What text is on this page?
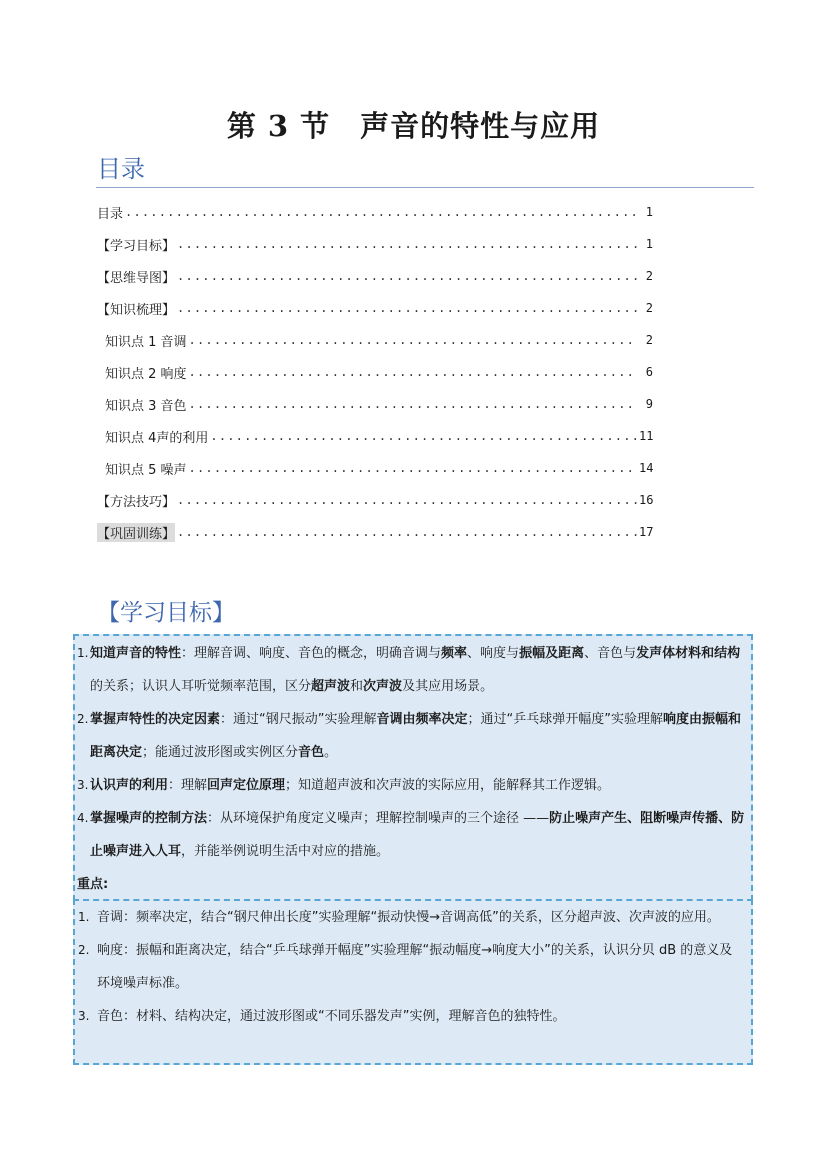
第 3 节　声音的特性与应用
目录
目录 .....	1
【学习目标】 .....	1
【思维导图】 .....	2
【知识梳理】 .....	2
知识点 1 音调 .....	2
知识点 2 响度 .....	6
知识点 3 音色 .....	9
知识点 4声的利用 .....	11
知识点 5 噪声 .....	14
【方法技巧】 .....	16
【巩固训练】 .....	17
【学习目标】
1. 知道声音的特性：理解音调、响度、音色的概念，明确音调与频率、响度与振幅及距离、音色与发声体材料和结构的关系；认识人耳听觉频率范围，区分超声波和次声波及其应用场景。
2. 掌握声特性的决定因素：通过“钢尺振动”实验理解音调由频率决定；通过“乒乓球弹开幅度”实验理解响度由振幅和距离决定；能通过波形图或实例区分音色。
3. 认识声的利用：理解回声定位原理；知道超声波和次声波的实际应用，能解释其工作逻辑。
4. 掌握噪声的控制方法：从环境保护角度定义噪声；理解控制噪声的三个途径 ——防止噪声产生、阻断噪声传播、防止噪声进入人耳，并能举例说明生活中对应的措施。
重点:
1. 音调：频率决定，结合“钢尺伸出长度”实验理解“振动快慢→音调高低”的关系，区分超声波、次声波的应用。
2. 响度：振幅和距离决定，结合“乒乓球弹开幅度”实验理解“振动幅度→响度大小”的关系，认识分贝 dB 的意义及环境噪声标准。
3. 音色：材料、结构决定，通过波形图或“不同乐器发声”实例，理解音色的独特性。
